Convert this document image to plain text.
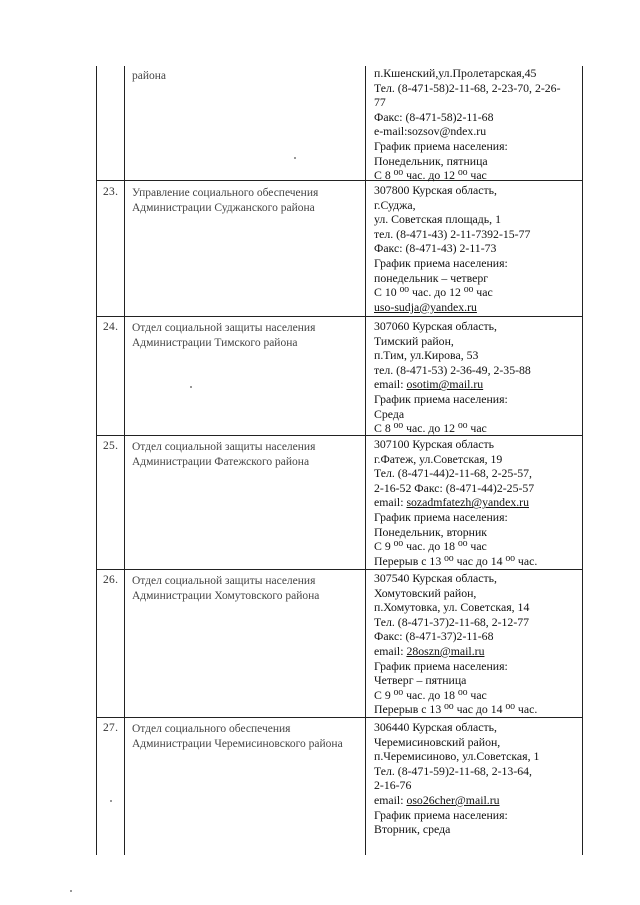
района	п.Кшенский,ул.Пролетарская,45
Тел. (8-471-58)2-11-68, 2-23-70, 2-26-
77
Факс: (8-471-58)2-11-68
e-mail:sozsov@ndex.ru
График приема населения:
Понедельник, пятница
С 8 ⁰⁰ час. до 12 ⁰⁰ час
23. Управление социального обеспечения Администрации Суджанского района
307800 Курская область,
г.Суджа,
ул. Советская площадь, 1
тел. (8-471-43) 2-11-7392-15-77
Факс: (8-471-43) 2-11-73
График приема населения:
понедельник – четверг
С 10 ⁰⁰ час. до 12 ⁰⁰ час
uso-sudja@yandex.ru
24. Отдел социальной защиты населения Администрации Тимского района
307060 Курская область,
Тимский район,
п.Тим, ул.Кирова, 53
тел. (8-471-53) 2-36-49, 2-35-88
email: osotim@mail.ru
График приема населения:
Среда
С 8 ⁰⁰ час. до 12 ⁰⁰ час
25. Отдел социальной защиты населения Администрации Фатежского района
307100 Курская область
г.Фатеж, ул.Советская, 19
Тел. (8-471-44)2-11-68, 2-25-57,
2-16-52 Факс: (8-471-44)2-25-57
email: sozadmfatezh@yandex.ru
График приема населения:
Понедельник, вторник
С 9 ⁰⁰ час. до 18 ⁰⁰ час
Перерыв с 13 ⁰⁰ час до 14 ⁰⁰ час.
26. Отдел социальной защиты населения Администрации Хомутовского района
307540 Курская область,
Хомутовский район,
п.Хомутовка, ул. Советская, 14
Тел. (8-471-37)2-11-68, 2-12-77
Факс: (8-471-37)2-11-68
email: 28oszn@mail.ru
График приема населения:
Четверг – пятница
С 9 ⁰⁰ час. до 18 ⁰⁰ час
Перерыв с 13 ⁰⁰ час до 14 ⁰⁰ час.
27. Отдел социального обеспечения Администрации Черемисиновского района
306440 Курская область,
Черемисиновский район,
п.Черемисиново, ул.Советская, 1
Тел. (8-471-59)2-11-68, 2-13-64,
2-16-76
email: oso26cher@mail.ru
График приема населения:
Вторник, среда
